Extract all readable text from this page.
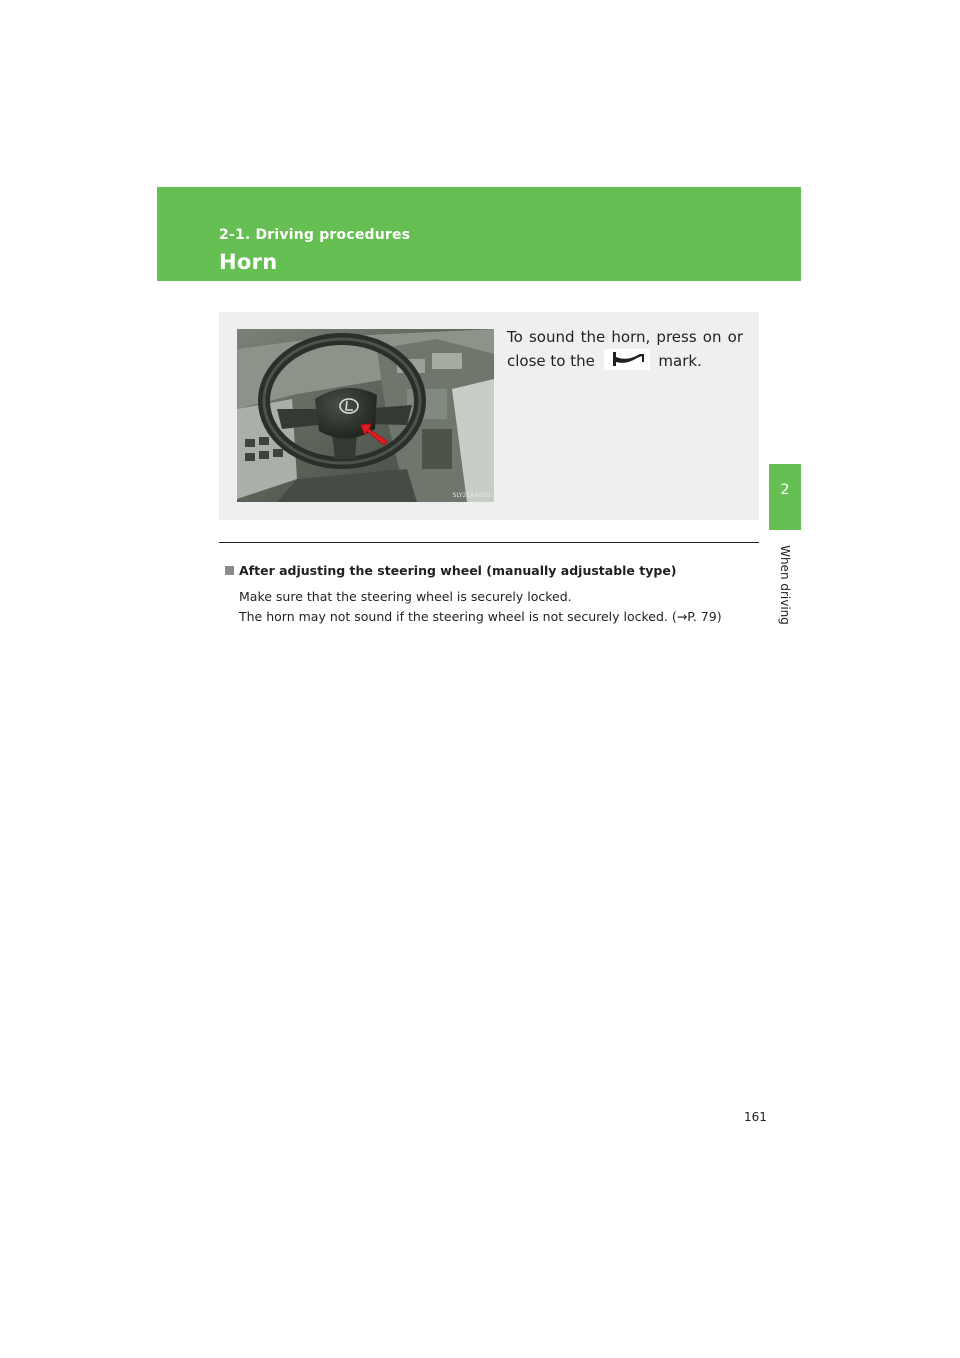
2-1. Driving procedures
Horn
2
When driving
SLY21AA010
To sound the horn, press on or close to the	mark.
After adjusting the steering wheel (manually adjustable type)
Make sure that the steering wheel is securely locked.
The horn may not sound if the steering wheel is not securely locked. (→P. 79)
161
